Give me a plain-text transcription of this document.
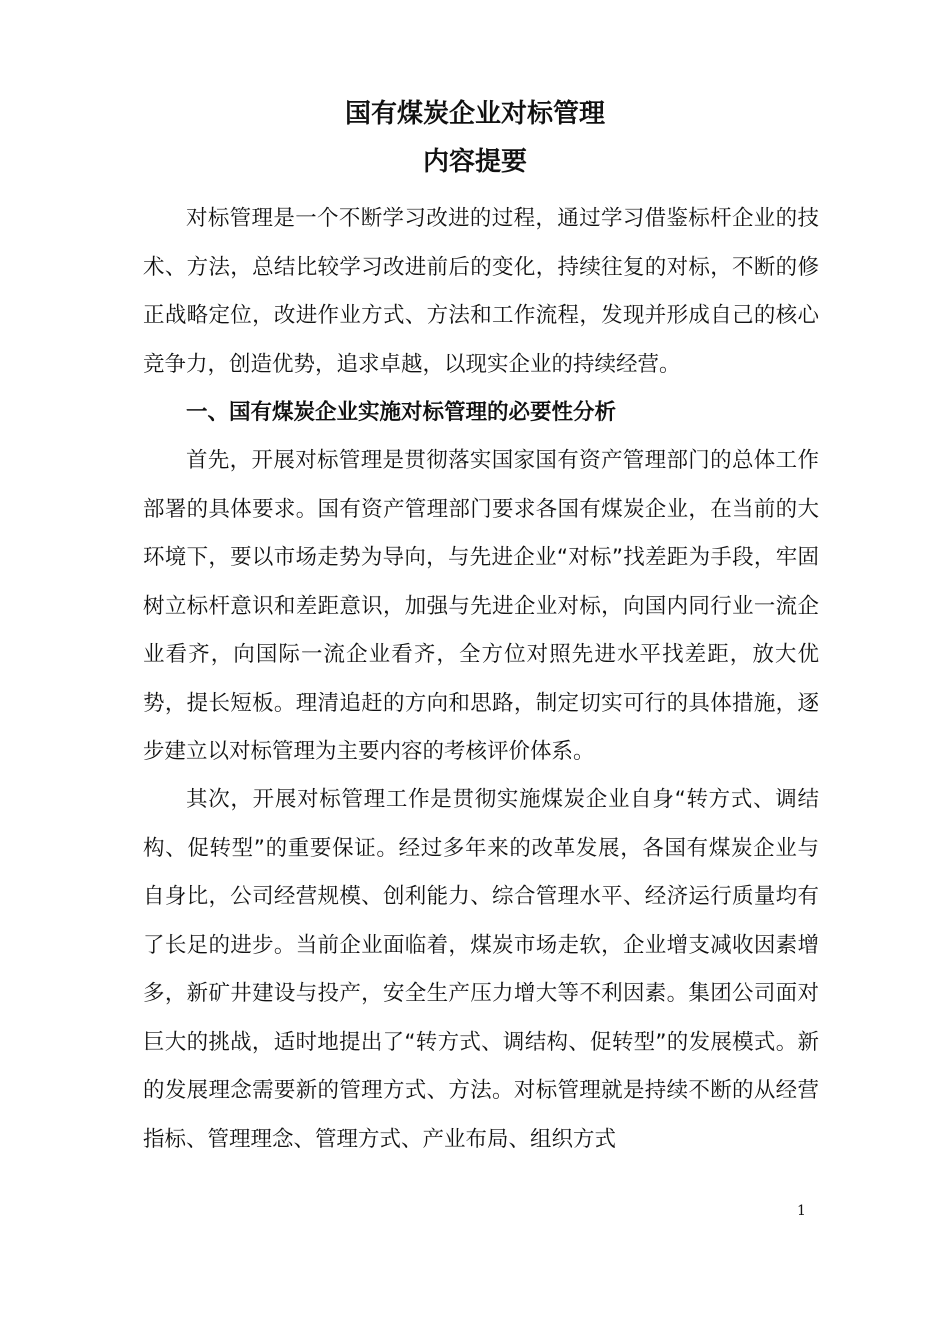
国有煤炭企业对标管理
内容提要

对标管理是一个不断学习改进的过程，通过学习借鉴标杆企业的技术、方法，总结比较学习改进前后的变化，持续往复的对标，不断的修正战略定位，改进作业方式、方法和工作流程，发现并形成自己的核心竞争力，创造优势，追求卓越，以现实企业的持续经营。

一、国有煤炭企业实施对标管理的必要性分析

首先，开展对标管理是贯彻落实国家国有资产管理部门的总体工作部署的具体要求。国有资产管理部门要求各国有煤炭企业，在当前的大环境下，要以市场走势为导向，与先进企业“对标”找差距为手段，牢固树立标杆意识和差距意识，加强与先进企业对标，向国内同行业一流企业看齐，向国际一流企业看齐，全方位对照先进水平找差距，放大优势，提长短板。理清追赶的方向和思路，制定切实可行的具体措施，逐步建立以对标管理为主要内容的考核评价体系。

其次，开展对标管理工作是贯彻实施煤炭企业自身“转方式、调结构、促转型”的重要保证。经过多年来的改革发展，各国有煤炭企业与自身比，公司经营规模、创利能力、综合管理水平、经济运行质量均有了长足的进步。当前企业面临着，煤炭市场走软，企业增支减收因素增多，新矿井建设与投产，安全生产压力增大等不利因素。集团公司面对巨大的挑战，适时地提出了“转方式、调结构、促转型”的发展模式。新的发展理念需要新的管理方式、方法。对标管理就是持续不断的从经营指标、管理理念、管理方式、产业布局、组织方式

1
